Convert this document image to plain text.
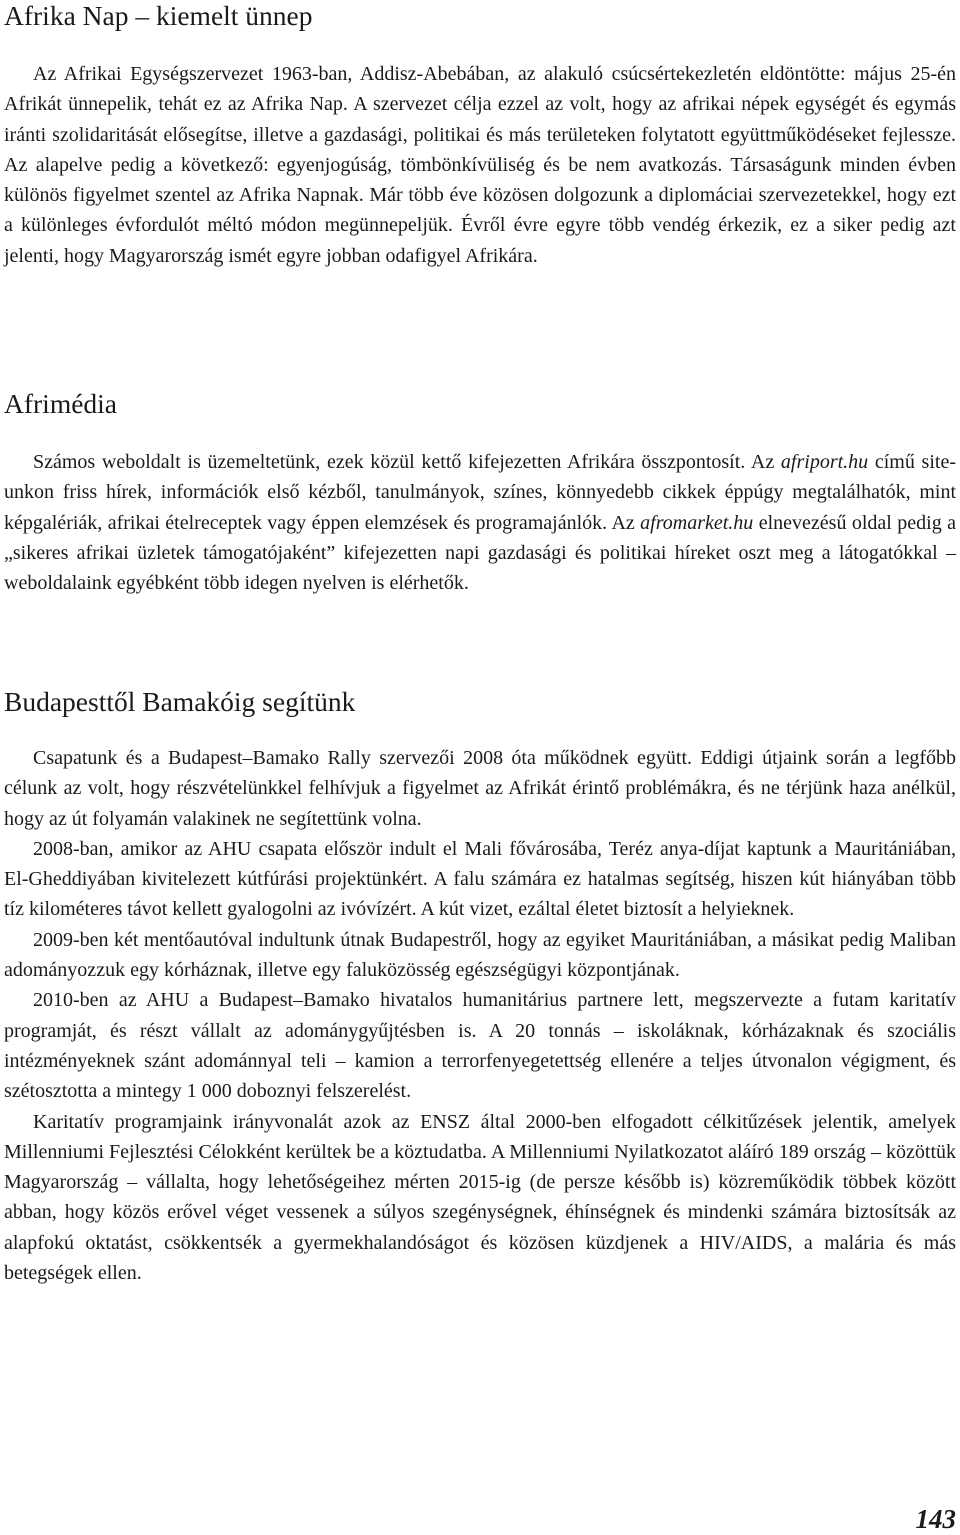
Afrika Nap – kiemelt ünnep

Az Afrikai Egységszervezet 1963-ban, Addisz-Abebában, az alakuló csúcsértekezletén eldöntötte: május 25-én Afrikát ünnepelik, tehát ez az Afrika Nap. A szervezet célja ezzel az volt, hogy az afrikai népek egységét és egymás iránti szolidaritását elősegítse, illetve a gazdasági, politikai és más területeken folytatott együttműködéseket fejlessze. Az alapelve pedig a következő: egyenjogúság, tömbönkívüliség és be nem avatkozás. Társaságunk minden évben különös figyelmet szentel az Afrika Napnak. Már több éve közösen dolgozunk a diplomáciai szervezetekkel, hogy ezt a különleges évfordulót méltó módon megünnepeljük. Évről évre egyre több vendég érkezik, ez a siker pedig azt jelenti, hogy Magyarország ismét egyre jobban odafigyel Afrikára.

Afrimédia

Számos weboldalt is üzemeltetünk, ezek közül kettő kifejezetten Afrikára összpontosít. Az afriport.hu című site-unkon friss hírek, információk első kézből, tanulmányok, színes, könnyedebb cikkek éppúgy megtalálhatók, mint képgalériák, afrikai ételreceptek vagy éppen elemzések és programajánlók. Az afromarket.hu elnevezésű oldal pedig a „sikeres afrikai üzletek támogatójaként” kifejezetten napi gazdasági és politikai híreket oszt meg a látogatókkal – weboldalaink egyébként több idegen nyelven is elérhetők.

Budapesttől Bamakóig segítünk

Csapatunk és a Budapest–Bamako Rally szervezői 2008 óta működnek együtt. Eddigi útjaink során a legfőbb célunk az volt, hogy részvételünkkel felhívjuk a figyelmet az Afrikát érintő problémákra, és ne térjünk haza anélkül, hogy az út folyamán valakinek ne segítettünk volna.

2008-ban, amikor az AHU csapata először indult el Mali fővárosába, Teréz anya-díjat kaptunk a Mauritániában, El-Gheddiyában kivitelezett kútfúrási projektünkért. A falu számára ez hatalmas segítség, hiszen kút hiányában több tíz kilométeres távot kellett gyalogolni az ivóvízért. A kút vizet, ezáltal életet biztosít a helyieknek.

2009-ben két mentőautóval indultunk útnak Budapestről, hogy az egyiket Mauritániában, a másikat pedig Maliban adományozzuk egy kórháznak, illetve egy faluközösség egészségügyi központjának.

2010-ben az AHU a Budapest–Bamako hivatalos humanitárius partnere lett, megszervezte a futam karitatív programját, és részt vállalt az adománygyűjtésben is. A 20 tonnás – iskoláknak, kórházaknak és szociális intézményeknek szánt adománnyal teli – kamion a terrorfenyegetettség ellenére a teljes útvonalon végigment, és szétosztotta a mintegy 1 000 doboznyi felszerelést.

Karitatív programjaink irányvonalát azok az ENSZ által 2000-ben elfogadott célkitűzések jelentik, amelyek Millenniumi Fejlesztési Célokként kerültek be a köztudatba. A Millenniumi Nyilatkozatot aláíró 189 ország – közöttük Magyarország – vállalta, hogy lehetőségeihez mérten 2015-ig (de persze később is) közreműködik többek között abban, hogy közös erővel véget vessenek a súlyos szegénységnek, éhínségnek és mindenki számára biztosítsák az alapfokú oktatást, csökkentsék a gyermekhalandóságot és közösen küzdjenek a HIV/AIDS, a malária és más betegségek ellen.

143
